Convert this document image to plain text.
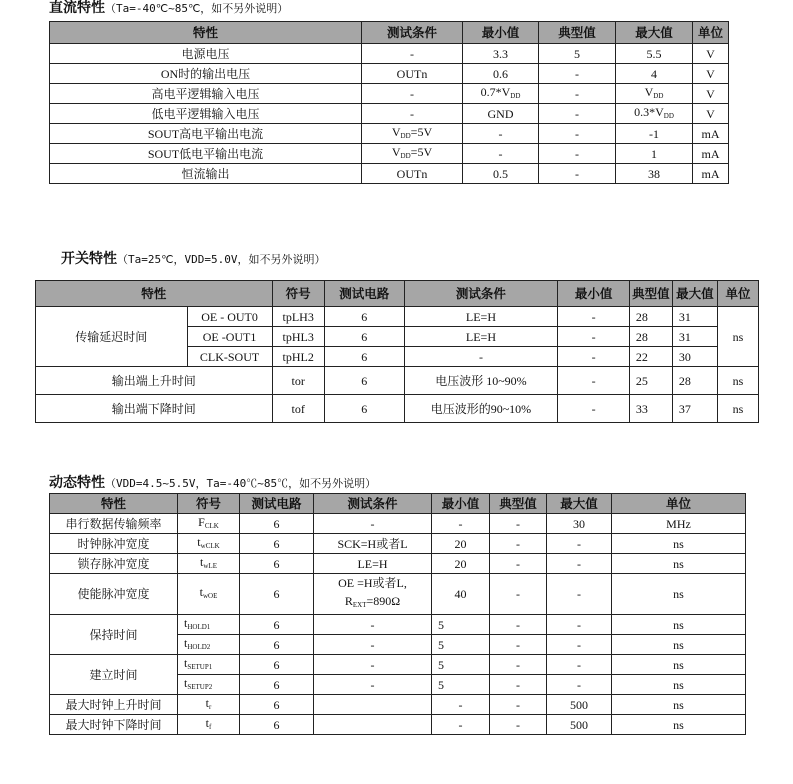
直流特性（Ta=-40℃~85℃，如不另外说明）
特性	测试条件	最小值	典型值	最大值	单位
电源电压	-	3.3	5	5.5	V
ON时的输出电压	OUTn	0.6	-	4	V
高电平逻辑输入电压	-	$0.7*V_{DD}$	-	$V_{DD}$	V
低电平逻辑输入电压	-	GND	-	$0.3*V_{DD}$	V
SOUT高电平输出电流	$V_{DD}=5V$	-	-	-1	mA
SOUT低电平输出电流	$V_{DD}=5V$	-	-	1	mA
恒流输出	OUTn	0.5	-	38	mA
开关特性（Ta=25℃，VDD=5.0V，如不另外说明）
特性		符号	测试电路	测试条件	最小值	典型值	最大值	单位
传输延迟时间	OE - OUT0	tpLH3	6	LE=H	-	28	31	ns
	OE -OUT1	tpHL3	6	LE=H	-	28	31	
	CLK-SOUT	tpHL2	6	-	-	22	30	
输出端上升时间		tor	6	电压波形 10~90%	-	25	28	ns
输出端下降时间		tof	6	电压波形的90~10%	-	33	37	ns
动态特性（VDD=4.5~5.5V，Ta=-40℃~85℃，如不另外说明）
特性	符号	测试电路	测试条件	最小值	典型值	最大值	单位
串行数据传输频率	$F_{CLK}$	6	-	-	-	30	MHz
时钟脉冲宽度	$t_{wCLK}$	6	SCK=H或者L	20	-	-	ns
锁存脉冲宽度	$t_{wLE}$	6	LE=H	20	-	-	ns
使能脉冲宽度	$t_{wOE}$	6	OE =H或者L,
$R_{EXT}=890\Omega$	40	-	-	ns
保持时间	$t_{HOLD1}$	6	-	5	-	-	ns
	$t_{HOLD2}$	6	-	5	-	-	ns
建立时间	$t_{SETUP1}$	6	-	5	-	-	ns
	$t_{SETUP2}$	6	-	5	-	-	ns
最大时钟上升时间	$t_r$	6		-	-	500	ns
最大时钟下降时间	$t_f$	6		-	-	500	ns
